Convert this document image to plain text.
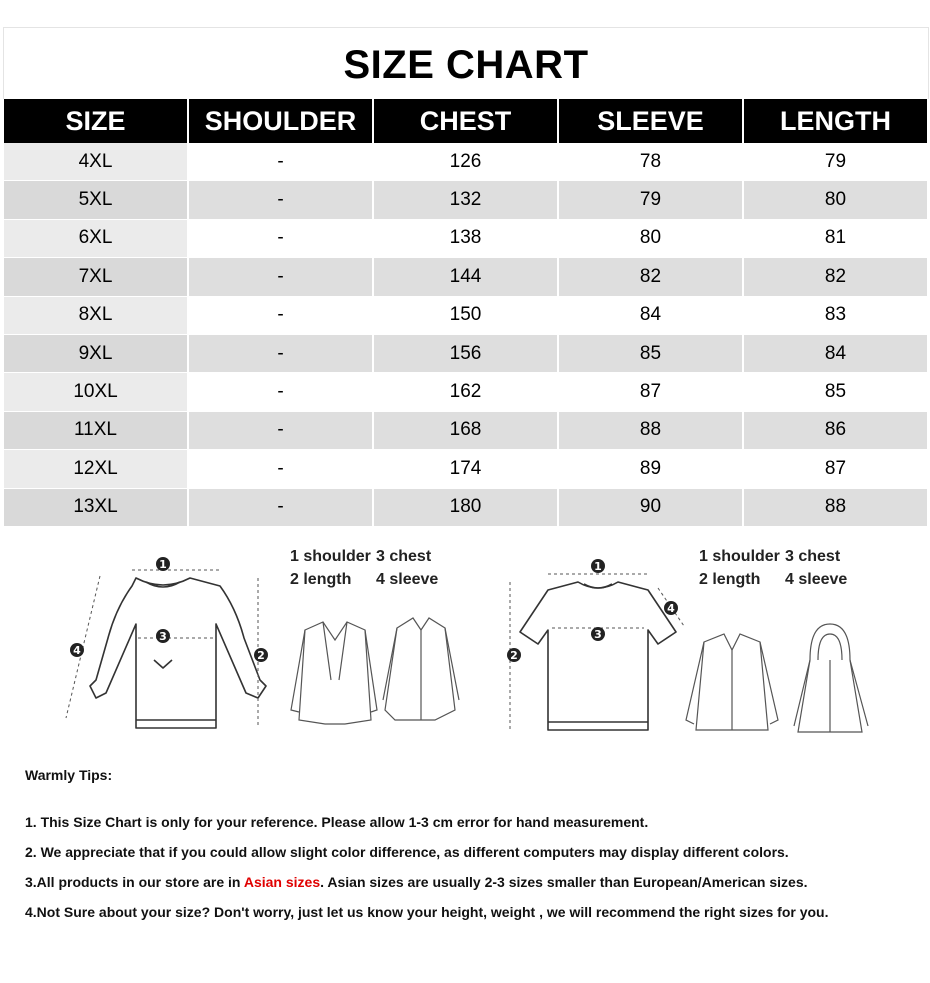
SIZE CHART
SIZE	SHOULDER	CHEST	SLEEVE	LENGTH
4XL	-	126	78	79
5XL	-	132	79	80
6XL	-	138	80	81
7XL	-	144	82	82
8XL	-	150	84	83
9XL	-	156	85	84
10XL	-	162	87	85
11XL	-	168	88	86
12XL	-	174	89	87
13XL	-	180	90	88
1
3
2
4
1 shoulder 3 chest
2 length 4 sleeve
1
3
2
4
1 shoulder 3 chest
2 length 4 sleeve
Warmly Tips:
1. This Size Chart is only for your reference. Please allow 1-3 cm error for hand measurement.
2. We appreciate that if you could allow slight color difference, as different computers may display different colors.
3.All products in our store are in Asian sizes. Asian sizes are usually 2-3 sizes smaller than European/American sizes.
4.Not Sure about your size? Don't worry, just let us know your height, weight , we will recommend the right sizes for you.
